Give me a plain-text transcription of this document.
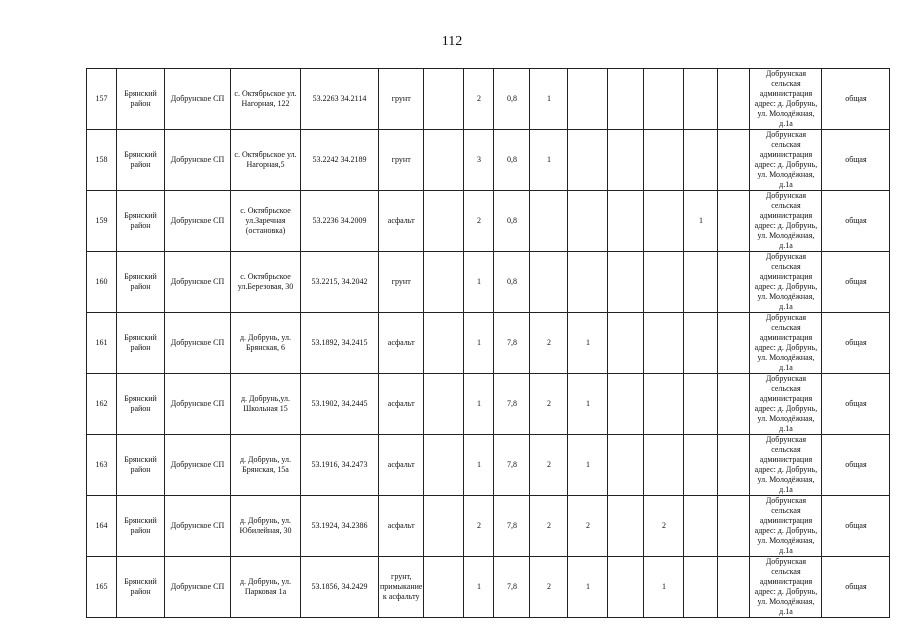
112
157	Брянский
район	Добрунское СП	с. Октябрьское ул.
Нагорная, 122	53.2263 34.2114	грунт		2	0,8	1						Добрунская сельская
администрация
адрес: д. Добрунь,
ул. Молодёжная, д.1а	общая
158	Брянский
район	Добрунское СП	с. Октябрьское ул.
Нагорная,5	53.2242 34.2189	грунт		3	0,8	1						Добрунская сельская
администрация
адрес: д. Добрунь,
ул. Молодёжная, д.1а	общая
159	Брянский
район	Добрунское СП	с. Октябрьское
ул.Заречная
(остановка)	53.2236 34.2009	асфальт		2	0,8					1		Добрунская сельская
администрация
адрес: д. Добрунь,
ул. Молодёжная, д.1а	общая
160	Брянский
район	Добрунское СП	с. Октябрьское
ул.Березовая, 30	53.2215, 34.2042	грунт		1	0,8							Добрунская сельская
администрация
адрес: д. Добрунь,
ул. Молодёжная, д.1а	общая
161	Брянский
район	Добрунское СП	д. Добрунь, ул.
Брянская, 6	53.1892, 34.2415	асфальт		1	7,8	2	1					Добрунская сельская
администрация
адрес: д. Добрунь,
ул. Молодёжная, д.1а	общая
162	Брянский
район	Добрунское СП	д. Добрунь,ул.
Школьная 15	53.1902, 34.2445	асфальт		1	7,8	2	1					Добрунская сельская
администрация
адрес: д. Добрунь,
ул. Молодёжная, д.1а	общая
163	Брянский
район	Добрунское СП	д. Добрунь, ул.
Брянская, 15а	53.1916, 34.2473	асфальт		1	7,8	2	1					Добрунская сельская
администрация
адрес: д. Добрунь,
ул. Молодёжная, д.1а	общая
164	Брянский
район	Добрунское СП	д. Добрунь, ул.
Юбилейная, 30	53.1924, 34.2386	асфальт		2	7,8	2	2		2			Добрунская сельская
администрация
адрес: д. Добрунь,
ул. Молодёжная, д.1а	общая
165	Брянский
район	Добрунское СП	д. Добрунь, ул.
Парковая 1а	53.1856, 34.2429	грунт,
примыкание
к асфальту		1	7,8	2	1		1			Добрунская сельская
администрация
адрес: д. Добрунь,
ул. Молодёжная, д.1а	общая
